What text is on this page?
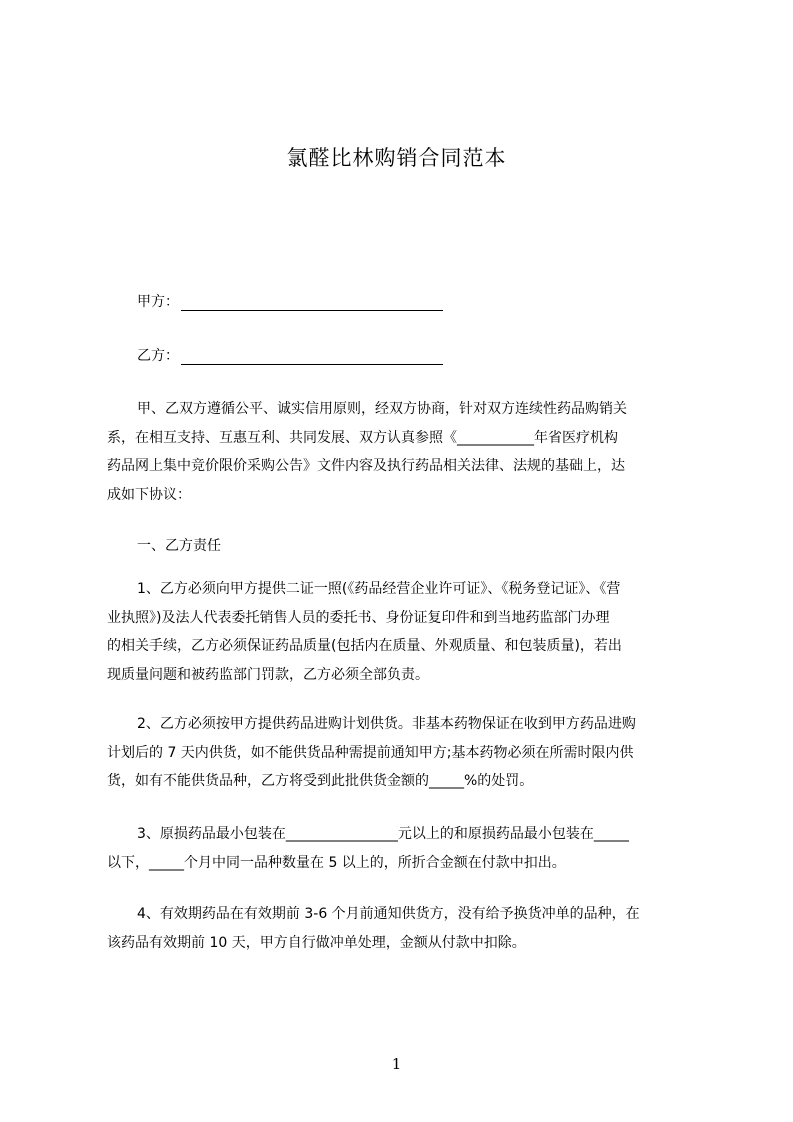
氯醛比林购销合同范本
甲方：
乙方：
甲、乙双方遵循公平、诚实信用原则，经双方协商，针对双方连续性药品购销关
系，在相互支持、互惠互利、共同发展、双方认真参照《___________年省医疗机构
药品网上集中竞价限价采购公告》文件内容及执行药品相关法律、法规的基础上，达
成如下协议：
一、乙方责任
1、乙方必须向甲方提供二证一照(《药品经营企业许可证》、《税务登记证》、《营
业执照》)及法人代表委托销售人员的委托书、身份证复印件和到当地药监部门办理
的相关手续，乙方必须保证药品质量(包括内在质量、外观质量、和包装质量)，若出
现质量问题和被药监部门罚款，乙方必须全部负责。
2、乙方必须按甲方提供药品进购计划供货。非基本药物保证在收到甲方药品进购
计划后的 7 天内供货，如不能供货品种需提前通知甲方;基本药物必须在所需时限内供
货，如有不能供货品种，乙方将受到此批供货金额的_____%的处罚。
3、原损药品最小包装在________________元以上的和原损药品最小包装在_____
以下，_____个月中同一品种数量在 5 以上的，所折合金额在付款中扣出。
4、有效期药品在有效期前 3-6 个月前通知供货方，没有给予换货冲单的品种，在
该药品有效期前 10 天，甲方自行做冲单处理，金额从付款中扣除。
1
